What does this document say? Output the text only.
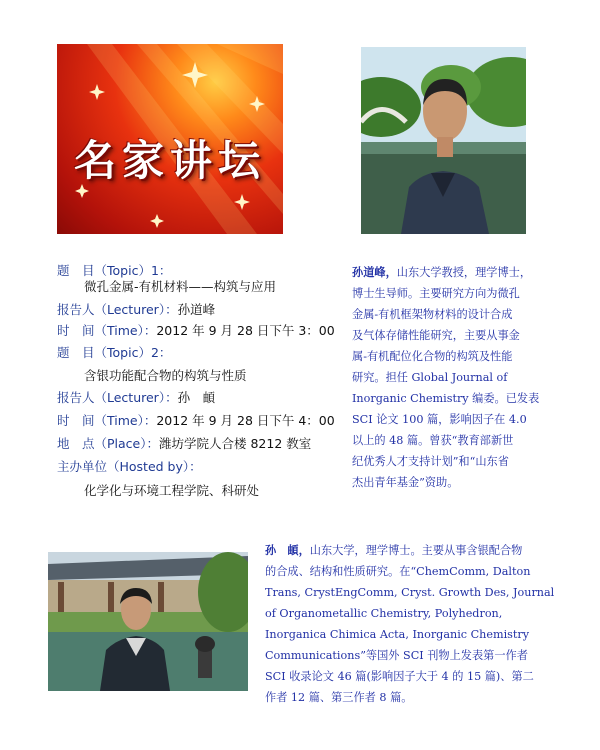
名家讲坛
题　目（Topic）1：
微孔金属-有机材料——构筑与应用
报告人（Lecturer）：孙道峰
时　间（Time）：2012 年 9 月 28 日下午 3：00
题　目（Topic）2：
含银功能配合物的构筑与性质
报告人（Lecturer）：孙　頔
时　间（Time）：2012 年 9 月 28 日下午 4：00
地　点（Place）：潍坊学院人合楼 8212 教室
主办单位（Hosted by）：
化学化与环境工程学院、科研处
孙道峰，山东大学教授，理学博士，
博士生导师。主要研究方向为微孔
金属-有机框架物材料的设计合成
及气体存储性能研究，主要从事金
属-有机配位化合物的构筑及性能
研究。担任 Global Journal of
Inorganic Chemistry 编委。已发表
SCI 论文 100 篇，影响因子在 4.0
以上的 48 篇。曾获“教育部新世
纪优秀人才支持计划”和“山东省
杰出青年基金”资助。
孙　頔，山东大学，理学博士。主要从事含银配合物
的合成、结构和性质研究。在“ChemComm, Dalton
Trans, CrystEngComm, Cryst. Growth Des, Journal
of Organometallic Chemistry, Polyhedron,
Inorganica Chimica Acta, Inorganic Chemistry
Communications”等国外 SCI 刊物上发表第一作者
SCI 收录论文 46 篇(影响因子大于 4 的 15 篇)、第二
作者 12 篇、第三作者 8 篇。
